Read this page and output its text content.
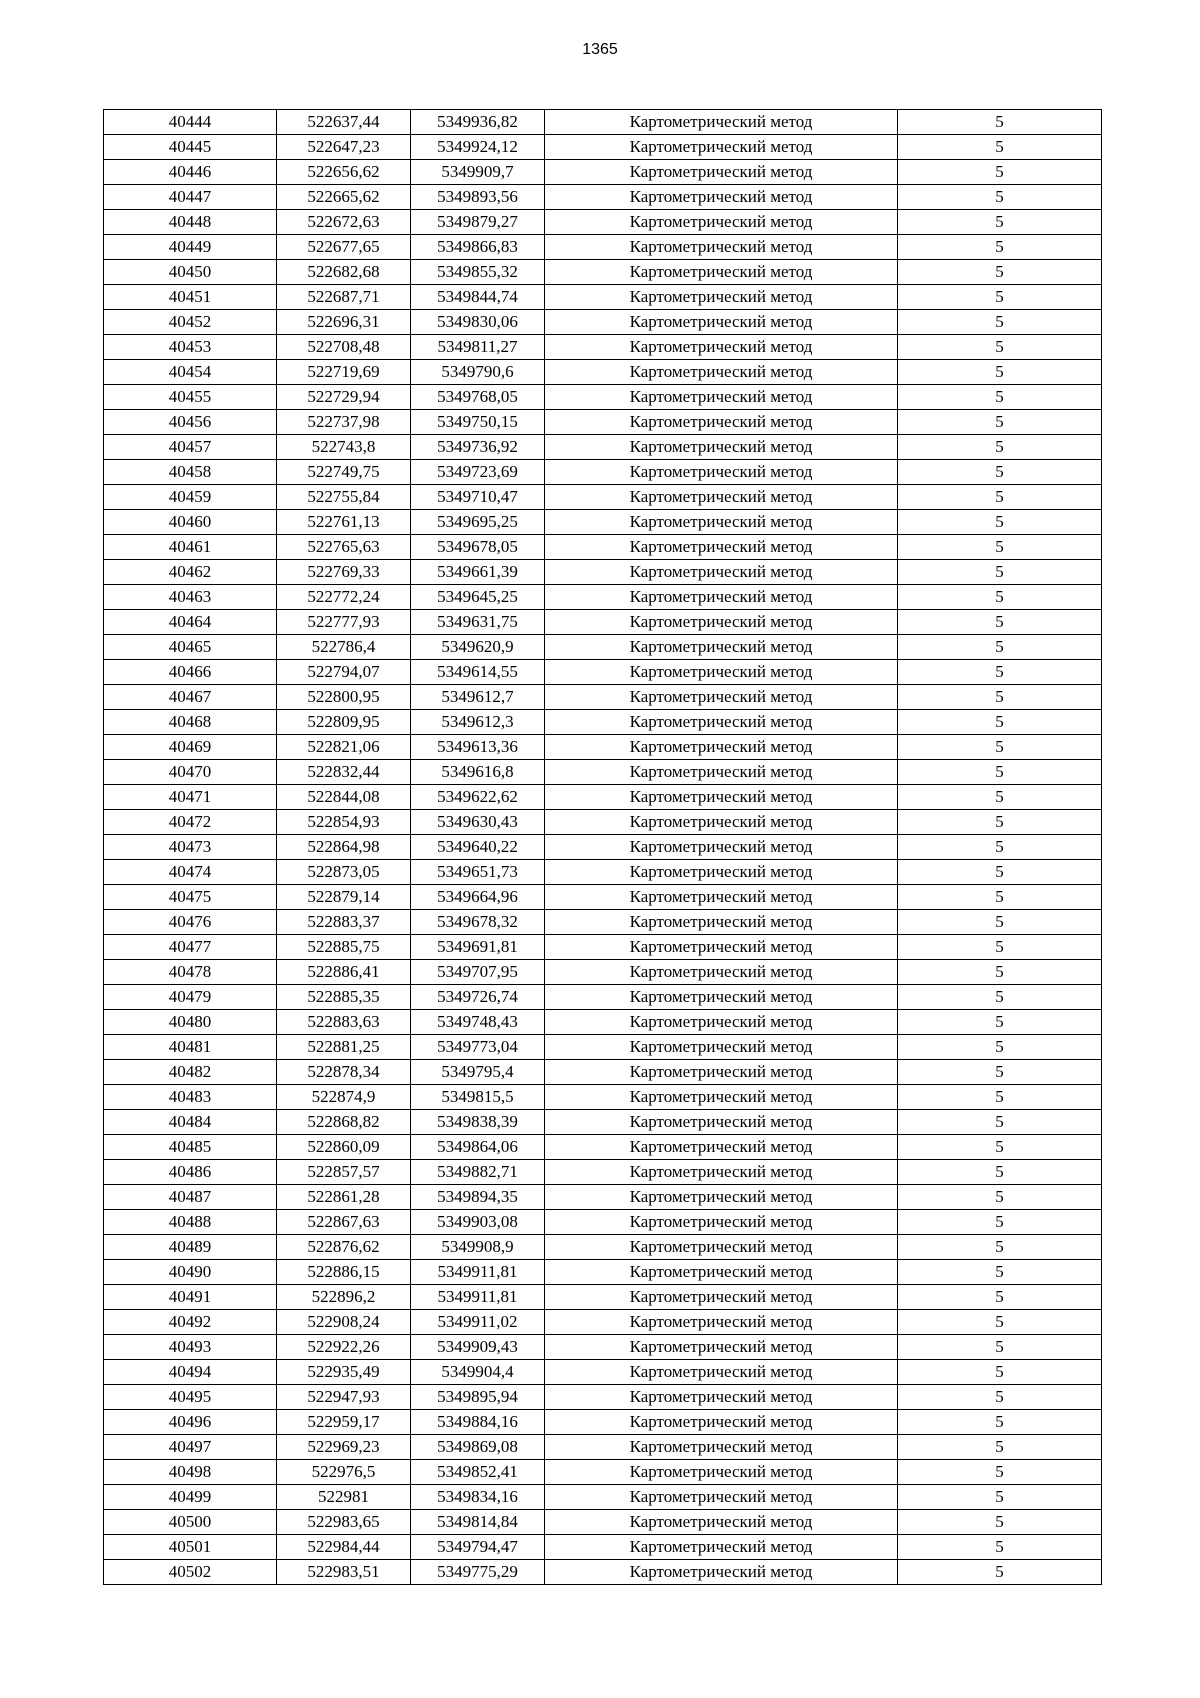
1365
40444	522637,44	5349936,82	Картометрический метод	5
40445	522647,23	5349924,12	Картометрический метод	5
40446	522656,62	5349909,7	Картометрический метод	5
40447	522665,62	5349893,56	Картометрический метод	5
40448	522672,63	5349879,27	Картометрический метод	5
40449	522677,65	5349866,83	Картометрический метод	5
40450	522682,68	5349855,32	Картометрический метод	5
40451	522687,71	5349844,74	Картометрический метод	5
40452	522696,31	5349830,06	Картометрический метод	5
40453	522708,48	5349811,27	Картометрический метод	5
40454	522719,69	5349790,6	Картометрический метод	5
40455	522729,94	5349768,05	Картометрический метод	5
40456	522737,98	5349750,15	Картометрический метод	5
40457	522743,8	5349736,92	Картометрический метод	5
40458	522749,75	5349723,69	Картометрический метод	5
40459	522755,84	5349710,47	Картометрический метод	5
40460	522761,13	5349695,25	Картометрический метод	5
40461	522765,63	5349678,05	Картометрический метод	5
40462	522769,33	5349661,39	Картометрический метод	5
40463	522772,24	5349645,25	Картометрический метод	5
40464	522777,93	5349631,75	Картометрический метод	5
40465	522786,4	5349620,9	Картометрический метод	5
40466	522794,07	5349614,55	Картометрический метод	5
40467	522800,95	5349612,7	Картометрический метод	5
40468	522809,95	5349612,3	Картометрический метод	5
40469	522821,06	5349613,36	Картометрический метод	5
40470	522832,44	5349616,8	Картометрический метод	5
40471	522844,08	5349622,62	Картометрический метод	5
40472	522854,93	5349630,43	Картометрический метод	5
40473	522864,98	5349640,22	Картометрический метод	5
40474	522873,05	5349651,73	Картометрический метод	5
40475	522879,14	5349664,96	Картометрический метод	5
40476	522883,37	5349678,32	Картометрический метод	5
40477	522885,75	5349691,81	Картометрический метод	5
40478	522886,41	5349707,95	Картометрический метод	5
40479	522885,35	5349726,74	Картометрический метод	5
40480	522883,63	5349748,43	Картометрический метод	5
40481	522881,25	5349773,04	Картометрический метод	5
40482	522878,34	5349795,4	Картометрический метод	5
40483	522874,9	5349815,5	Картометрический метод	5
40484	522868,82	5349838,39	Картометрический метод	5
40485	522860,09	5349864,06	Картометрический метод	5
40486	522857,57	5349882,71	Картометрический метод	5
40487	522861,28	5349894,35	Картометрический метод	5
40488	522867,63	5349903,08	Картометрический метод	5
40489	522876,62	5349908,9	Картометрический метод	5
40490	522886,15	5349911,81	Картометрический метод	5
40491	522896,2	5349911,81	Картометрический метод	5
40492	522908,24	5349911,02	Картометрический метод	5
40493	522922,26	5349909,43	Картометрический метод	5
40494	522935,49	5349904,4	Картометрический метод	5
40495	522947,93	5349895,94	Картометрический метод	5
40496	522959,17	5349884,16	Картометрический метод	5
40497	522969,23	5349869,08	Картометрический метод	5
40498	522976,5	5349852,41	Картометрический метод	5
40499	522981	5349834,16	Картометрический метод	5
40500	522983,65	5349814,84	Картометрический метод	5
40501	522984,44	5349794,47	Картометрический метод	5
40502	522983,51	5349775,29	Картометрический метод	5
